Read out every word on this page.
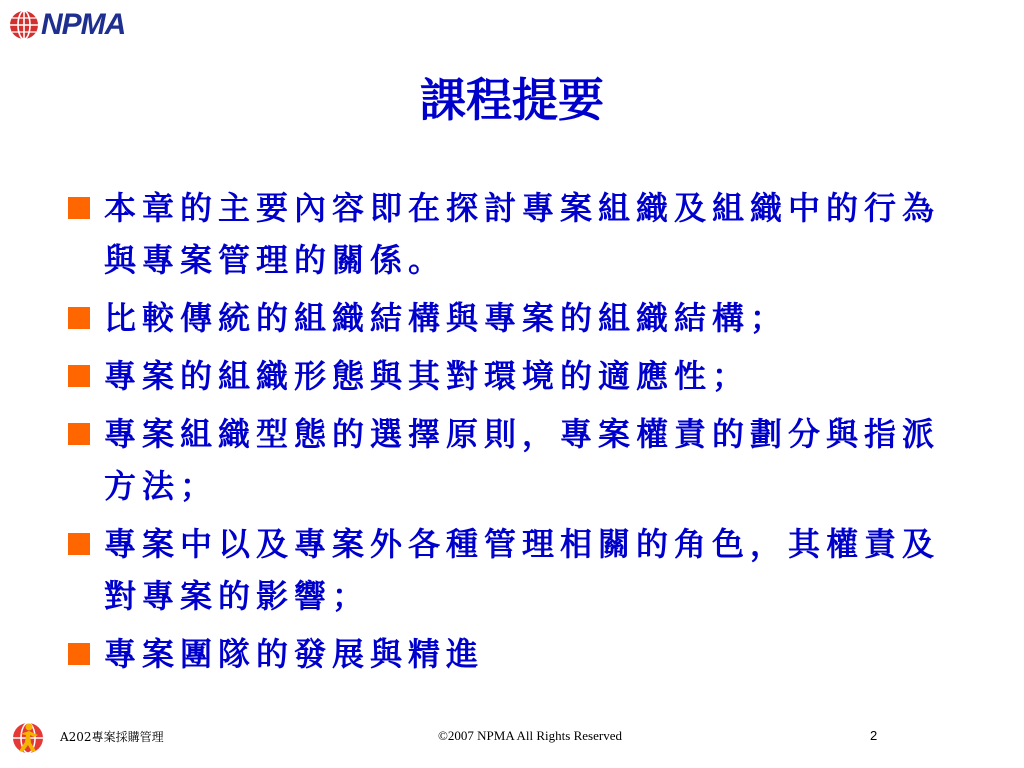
NPMA
課程提要
本章的主要內容即在探討專案組織及組織中的行為與專案管理的關係。
比較傳統的組織結構與專案的組織結構；
專案的組織形態與其對環境的適應性；
專案組織型態的選擇原則，專案權責的劃分與指派方法；
專案中以及專案外各種管理相關的角色，其權責及對專案的影響；
專案團隊的發展與精進
A202專案採購管理	©2007 NPMA All Rights Reserved	2
